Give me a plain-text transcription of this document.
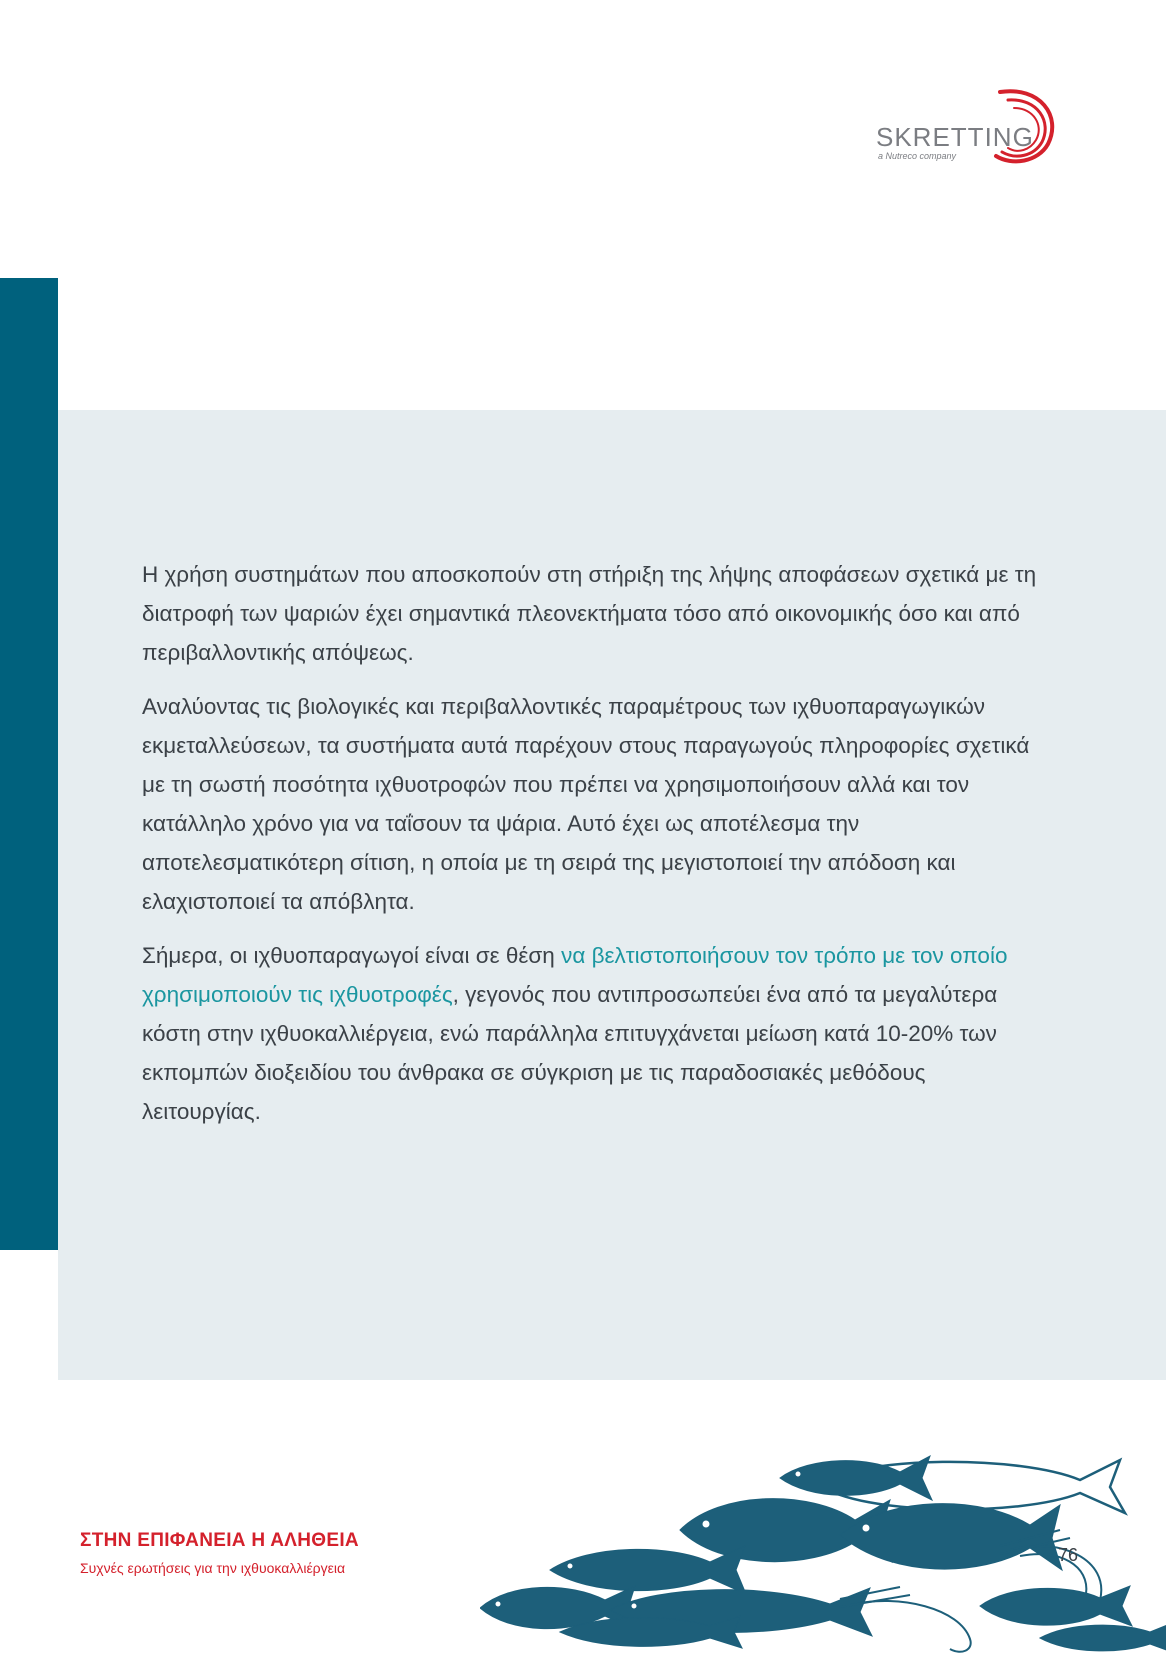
SKRETTING
a Nutreco company

Η χρήση συστημάτων που αποσκοπούν στη στήριξη της λήψης αποφάσεων σχετικά με τη διατροφή των ψαριών έχει σημαντικά πλεονεκτήματα τόσο από οικονομικής όσο και από περιβαλλοντικής απόψεως.

Αναλύοντας τις βιολογικές και περιβαλλοντικές παραμέτρους των ιχθυοπαραγωγικών εκμεταλλεύσεων, τα συστήματα αυτά παρέχουν στους παραγωγούς πληροφορίες σχετικά με τη σωστή ποσότητα ιχθυοτροφών που πρέπει να χρησιμοποιήσουν αλλά και τον κατάλληλο χρόνο για να ταΐσουν τα ψάρια. Αυτό έχει ως αποτέλεσμα την αποτελεσματικότερη σίτιση, η οποία με τη σειρά της μεγιστοποιεί την απόδοση και ελαχιστοποιεί τα απόβλητα.

Σήμερα, οι ιχθυοπαραγωγοί είναι σε θέση να βελτιστοποιήσουν τον τρόπο με τον οποίο χρησιμοποιούν τις ιχθυοτροφές, γεγονός που αντιπροσωπεύει ένα από τα μεγαλύτερα κόστη στην ιχθυοκαλλιέργεια, ενώ παράλληλα επιτυγχάνεται μείωση κατά 10-20% των εκπομπών διοξειδίου του άνθρακα σε σύγκριση με τις παραδοσιακές μεθόδους λειτουργίας.

ΣΤΗΝ ΕΠΙΦΑΝΕΙΑ Η ΑΛΗΘΕΙΑ
Συχνές ερωτήσεις για την ιχθυοκαλλιέργεια
76
